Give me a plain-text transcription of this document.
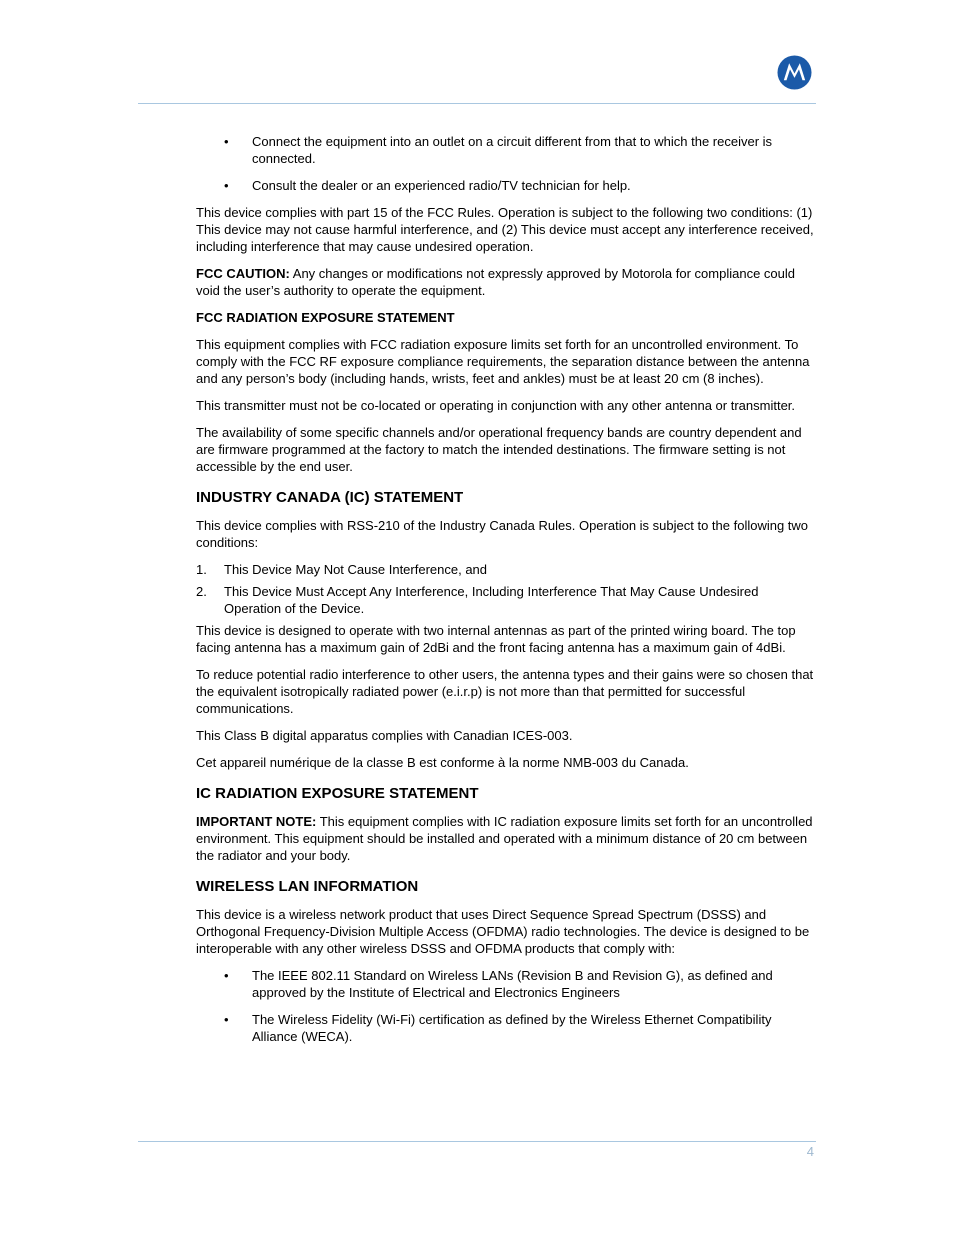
• Connect the equipment into an outlet on a circuit different from that to which the receiver is connected.
• Consult the dealer or an experienced radio/TV technician for help.

This device complies with part 15 of the FCC Rules. Operation is subject to the following two conditions: (1) This device may not cause harmful interference, and (2) This device must accept any interference received, including interference that may cause undesired operation.

FCC CAUTION: Any changes or modifications not expressly approved by Motorola for compliance could void the user’s authority to operate the equipment.

FCC RADIATION EXPOSURE STATEMENT

This equipment complies with FCC radiation exposure limits set forth for an uncontrolled environment. To comply with the FCC RF exposure compliance requirements, the separation distance between the antenna and any person’s body (including hands, wrists, feet and ankles) must be at least 20 cm (8 inches).

This transmitter must not be co-located or operating in conjunction with any other antenna or transmitter.

The availability of some specific channels and/or operational frequency bands are country dependent and are firmware programmed at the factory to match the intended destinations. The firmware setting is not accessible by the end user.

INDUSTRY CANADA (IC) STATEMENT

This device complies with RSS-210 of the Industry Canada Rules. Operation is subject to the following two conditions:

1. This Device May Not Cause Interference, and
2. This Device Must Accept Any Interference, Including Interference That May Cause Undesired Operation of the Device.

This device is designed to operate with two internal antennas as part of the printed wiring board. The top facing antenna has a maximum gain of 2dBi and the front facing antenna has a maximum gain of 4dBi.

To reduce potential radio interference to other users, the antenna types and their gains were so chosen that the equivalent isotropically radiated power (e.i.r.p) is not more than that permitted for successful communications.

This Class B digital apparatus complies with Canadian ICES-003.

Cet appareil numérique de la classe B est conforme à la norme NMB-003 du Canada.

IC RADIATION EXPOSURE STATEMENT

IMPORTANT NOTE: This equipment complies with IC radiation exposure limits set forth for an uncontrolled environment. This equipment should be installed and operated with a minimum distance of 20 cm between the radiator and your body.

WIRELESS LAN INFORMATION

This device is a wireless network product that uses Direct Sequence Spread Spectrum (DSSS) and Orthogonal Frequency-Division Multiple Access (OFDMA) radio technologies. The device is designed to be interoperable with any other wireless DSSS and OFDMA products that comply with:

• The IEEE 802.11 Standard on Wireless LANs (Revision B and Revision G), as defined and approved by the Institute of Electrical and Electronics Engineers
• The Wireless Fidelity (Wi-Fi) certification as defined by the Wireless Ethernet Compatibility Alliance (WECA).
4
